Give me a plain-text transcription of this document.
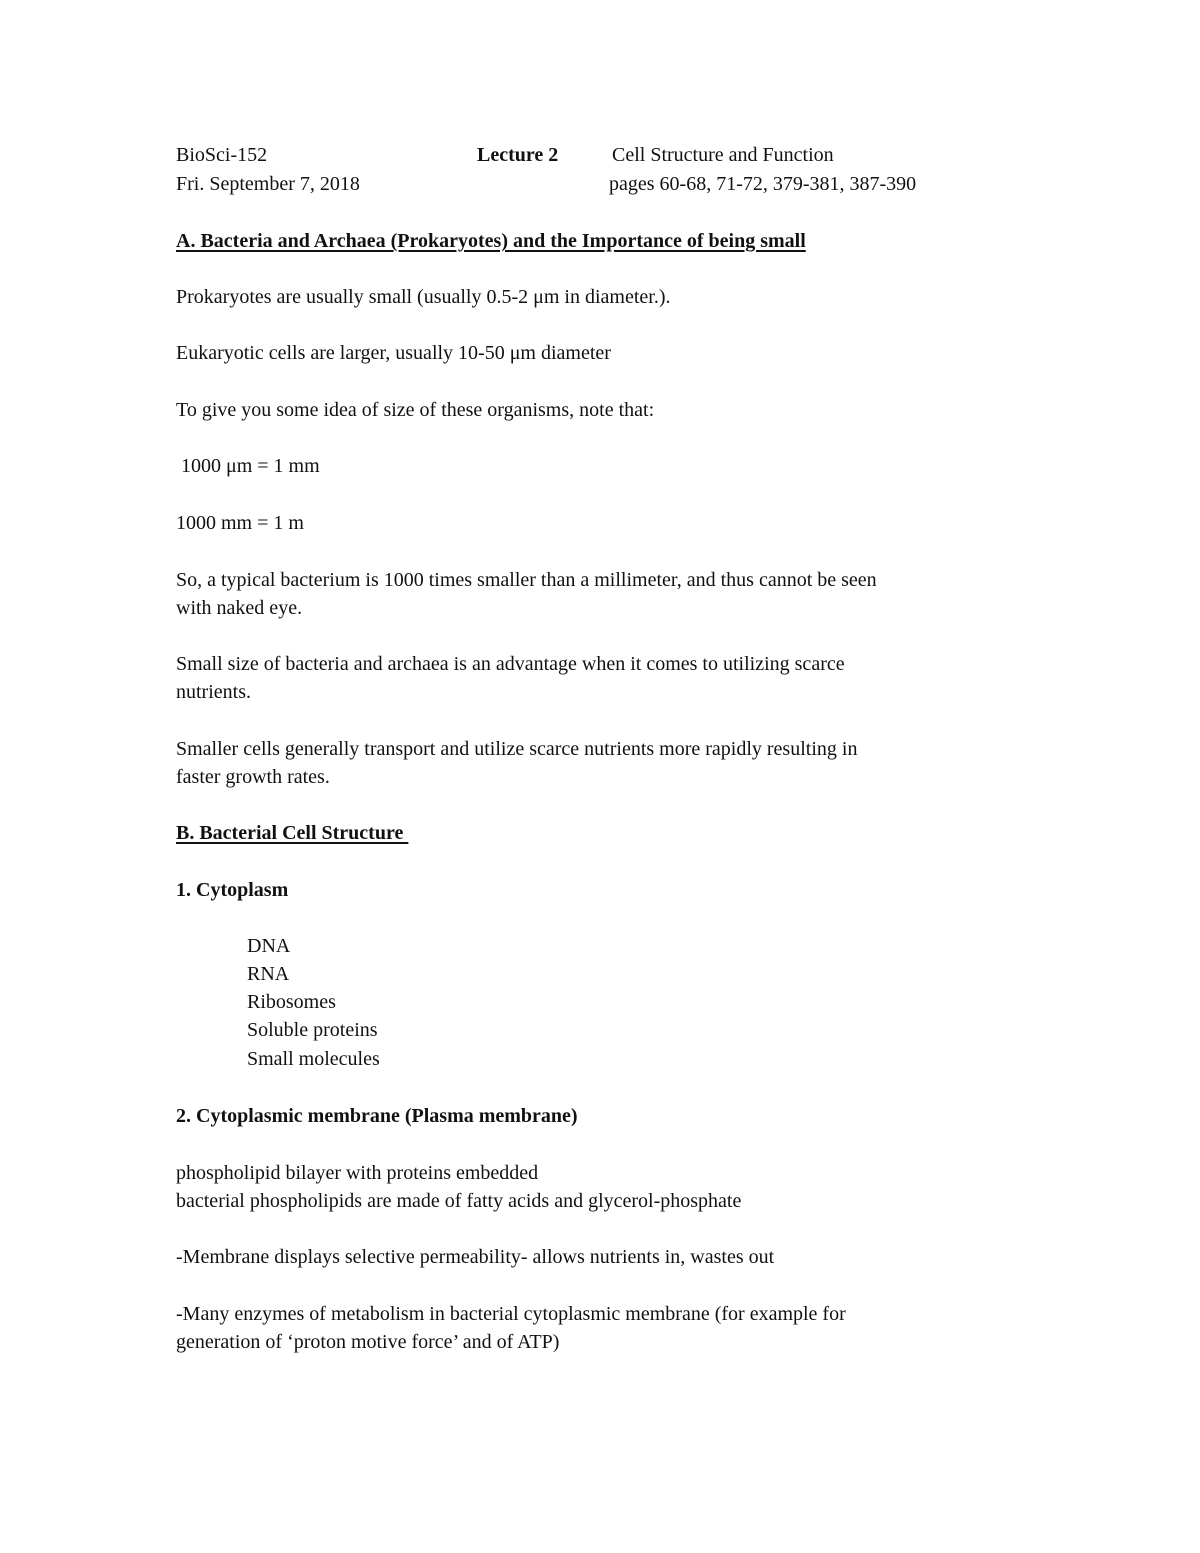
BioSci-152	Lecture 2	Cell Structure and Function
Fri. September 7, 2018	pages 60-68, 71-72, 379-381, 387-390

A. Bacteria and Archaea (Prokaryotes) and the Importance of being small

Prokaryotes are usually small (usually 0.5-2 μm in diameter.).

Eukaryotic cells are larger, usually 10-50 μm diameter

To give you some idea of size of these organisms, note that:

1000 μm = 1 mm

1000 mm = 1 m

So, a typical bacterium is 1000 times smaller than a millimeter, and thus cannot be seen

with naked eye.

Small size of bacteria and archaea is an advantage when it comes to utilizing scarce

nutrients.

Smaller cells generally transport and utilize scarce nutrients more rapidly resulting in

faster growth rates.

B. Bacterial Cell Structure

1. Cytoplasm

DNA

RNA

Ribosomes

Soluble proteins

Small molecules

2. Cytoplasmic membrane (Plasma membrane)

phospholipid bilayer with proteins embedded

bacterial phospholipids are made of fatty acids and glycerol-phosphate

-Membrane displays selective permeability- allows nutrients in, wastes out

-Many enzymes of metabolism in bacterial cytoplasmic membrane (for example for

generation of ‘proton motive force’ and of ATP)
